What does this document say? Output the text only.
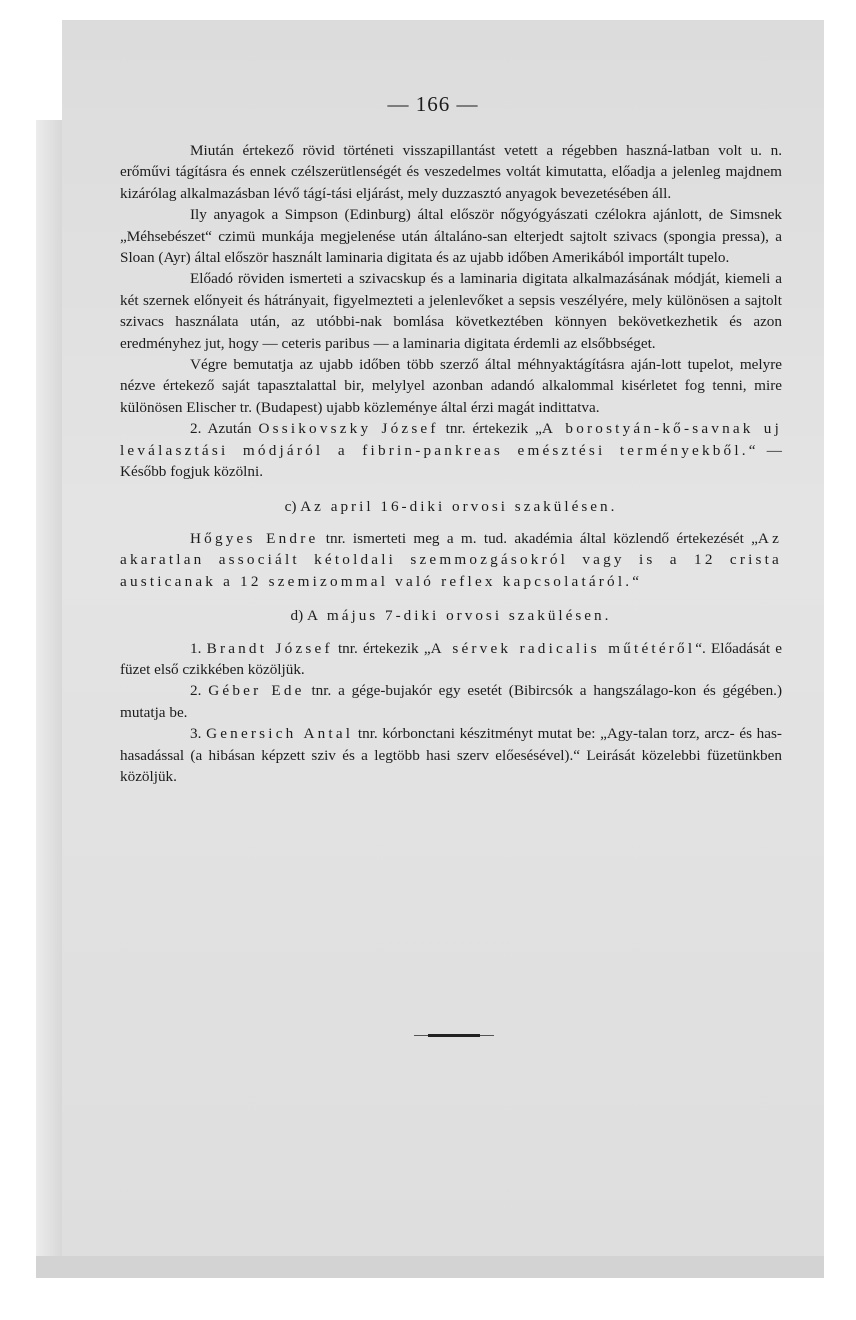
— 166 —

Miután értekező rövid történeti visszapillantást vetett a régebben haszná-latban volt u. n. erőművi tágításra és ennek czélszerütlenségét és veszedelmes voltát kimutatta, előadja a jelenleg majdnem kizárólag alkalmazásban lévő tágí-tási eljárást, mely duzzasztó anyagok bevezetésében áll.

Ily anyagok a Simpson (Edinburg) által először nőgyógyászati czélokra ajánlott, de Simsnek „Méhsebészet“ czimü munkája megjelenése után általáno-san elterjedt sajtolt szivacs (spongia pressa), a Sloan (Ayr) által először használt laminaria digitata és az ujabb időben Amerikából importált tupelo.

Előadó röviden ismerteti a szivacskup és a laminaria digitata alkalmazásának módját, kiemeli a két szernek előnyeit és hátrányait, figyelmezteti a jelenlevőket a sepsis veszélyére, mely különösen a sajtolt szivacs használata után, az utóbbi-nak bomlása következtében könnyen bekövetkezhetik és azon eredményhez jut, hogy — ceteris paribus — a laminaria digitata érdemli az elsőbbséget.

Végre bemutatja az ujabb időben több szerző által méhnyaktágításra aján-lott tupelot, melyre nézve értekező saját tapasztalattal bir, melylyel azonban adandó alkalommal kisérletet fog tenni, mire különösen Elischer tr. (Budapest) ujabb közleménye által érzi magát indittatva.

2. Azután Ossikovszky József tnr. értekezik „A borostyán-kő-savnak uj leválasztási módjáról a fibrin-pankreas emésztési terményekből.“ — Később fogjuk közölni.

c) Az april 16-diki orvosi szakülésen.

Hőgyes Endre tnr. ismerteti meg a m. tud. akadémia által közlendő értekezését „Az akaratlan associált kétoldali szemmozgásokról vagy is a 12 crista austicanak a 12 szemizommal való reflex kapcsolatáról.“

d) A május 7-diki orvosi szakülésen.

1. Brandt József tnr. értekezik „A sérvek radicalis műtétéről“. Előadását e füzet első czikkében közöljük.

2. Géber Ede tnr. a gége-bujakór egy esetét (Bibircsók a hangszálago-kon és gégében.) mutatja be.

3. Genersich Antal tnr. kórbonctani készitményt mutat be: „Agy-talan torz, arcz- és has-hasadással (a hibásan képzett sziv és a legtöbb hasi szerv előesésével).“ Leirását közelebbi füzetünkben közöljük.
